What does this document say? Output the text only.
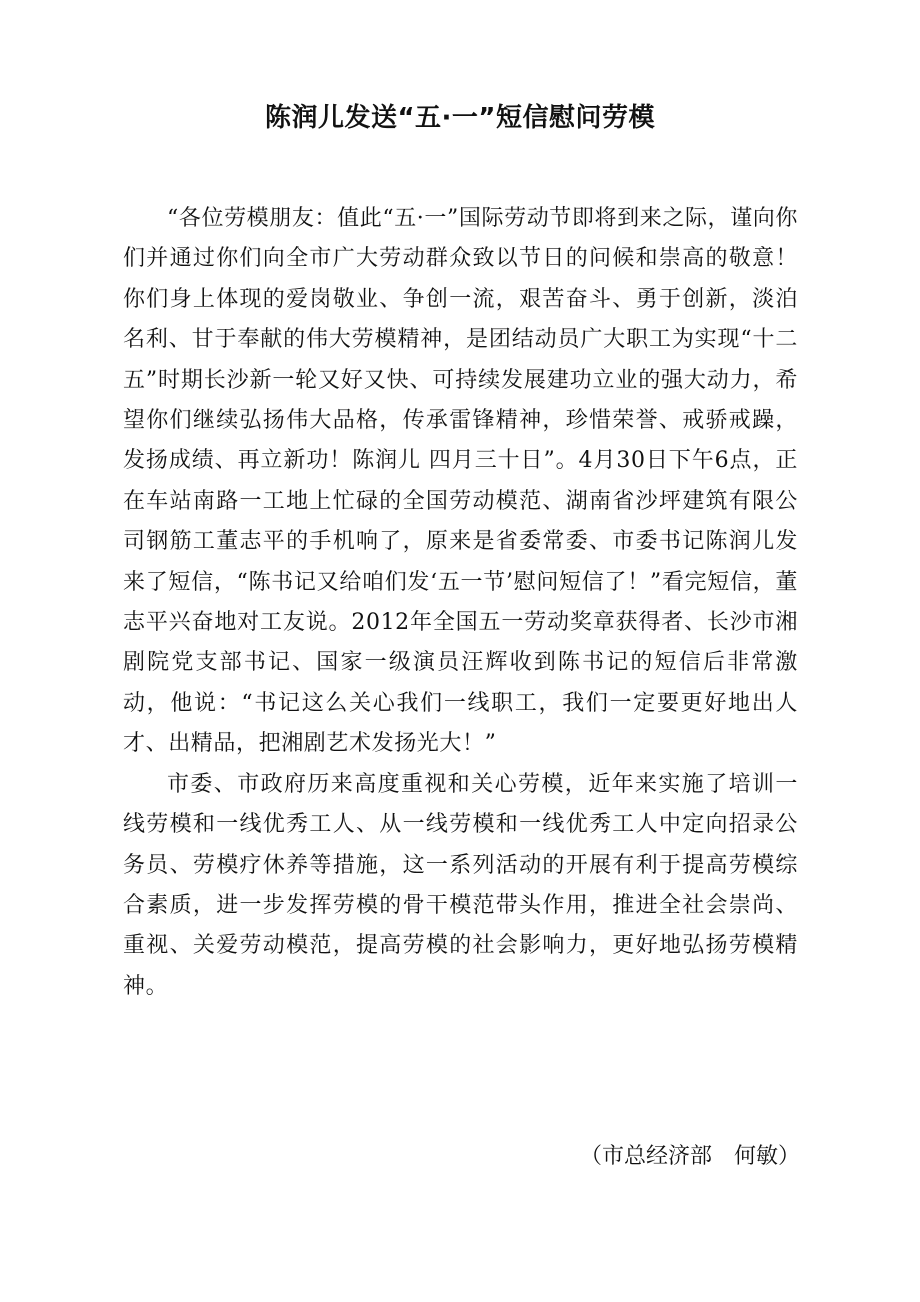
陈润儿发送“五·一”短信慰问劳模

“各位劳模朋友：值此“五·一”国际劳动节即将到来之际，谨向你们并通过你们向全市广大劳动群众致以节日的问候和崇高的敬意！你们身上体现的爱岗敬业、争创一流，艰苦奋斗、勇于创新，淡泊名利、甘于奉献的伟大劳模精神，是团结动员广大职工为实现“十二五”时期长沙新一轮又好又快、可持续发展建功立业的强大动力，希望你们继续弘扬伟大品格，传承雷锋精神，珍惜荣誉、戒骄戒躁，发扬成绩、再立新功！陈润儿 四月三十日”。4月30日下午6点，正在车站南路一工地上忙碌的全国劳动模范、湖南省沙坪建筑有限公司钢筋工董志平的手机响了，原来是省委常委、市委书记陈润儿发来了短信，“陈书记又给咱们发‘五一节’慰问短信了！”看完短信，董志平兴奋地对工友说。2012年全国五一劳动奖章获得者、长沙市湘剧院党支部书记、国家一级演员汪辉收到陈书记的短信后非常激动，他说：“书记这么关心我们一线职工，我们一定要更好地出人才、出精品，把湘剧艺术发扬光大！”

市委、市政府历来高度重视和关心劳模，近年来实施了培训一线劳模和一线优秀工人、从一线劳模和一线优秀工人中定向招录公务员、劳模疗休养等措施，这一系列活动的开展有利于提高劳模综合素质，进一步发挥劳模的骨干模范带头作用，推进全社会崇尚、重视、关爱劳动模范，提高劳模的社会影响力，更好地弘扬劳模精神。

（市总经济部　何敏）
